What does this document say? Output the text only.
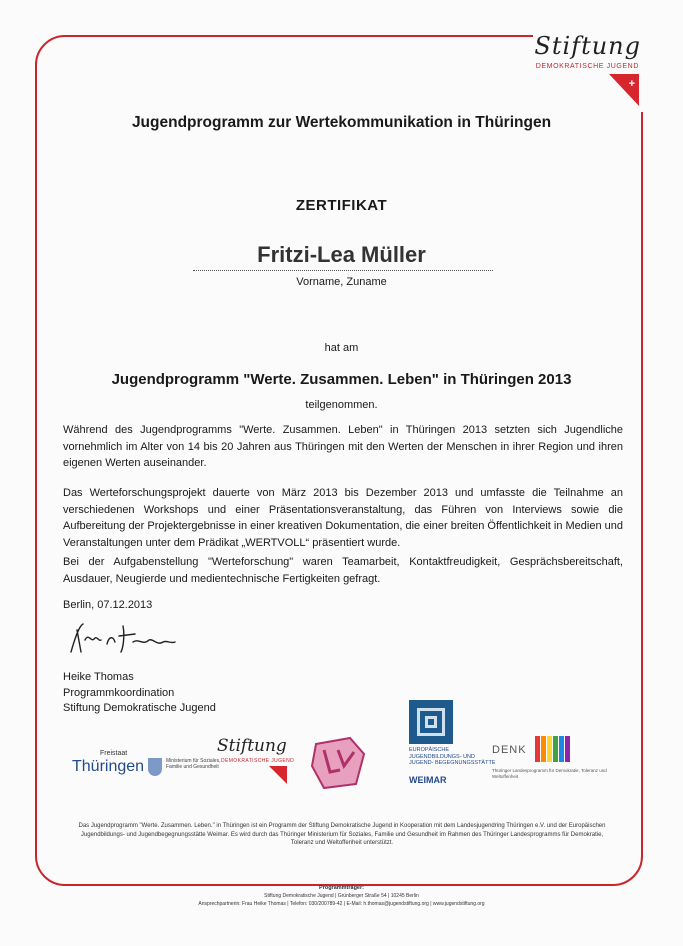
Stiftung
DEMOKRATISCHE JUGEND
+
Jugendprogramm zur Wertekommunikation in Thüringen
ZERTIFIKAT
Fritzi-Lea Müller
Vorname, Zuname
hat am
Jugendprogramm "Werte. Zusammen. Leben" in Thüringen 2013
teilgenommen.
Während des Jugendprogramms "Werte. Zusammen. Leben" in Thüringen 2013 setzten sich Jugendliche vornehmlich im Alter von 14 bis 20 Jahren aus Thüringen mit den Werten der Menschen in ihrer Region und ihren eigenen Werten auseinander.
Das Werteforschungsprojekt dauerte von März 2013 bis Dezember 2013 und umfasste die Teilnahme an verschiedenen Workshops und einer Präsentationsveranstaltung, das Führen von Interviews sowie die Aufbereitung der Projektergebnisse in einer kreativen Dokumentation, die einer breiten Öffentlichkeit in Medien und Veranstaltungen unter dem Prädikat „WERTVOLL“ präsentiert wurde.
Bei der Aufgabenstellung "Werteforschung" waren Teamarbeit, Kontaktfreudigkeit, Gesprächsbereitschaft, Ausdauer, Neugierde und medientechnische Fertigkeiten gefragt.
Berlin, 07.12.2013
Heike Thomas
Programmkoordination
Stiftung Demokratische Jugend
Freistaat
Thüringen	Ministerium für Soziales, Familie und Gesundheit
Stiftung
DEMOKRATISCHE JUGEND
EUROPÄISCHE JUGENDBILDUNGS- UND JUGEND- BEGEGNUNGSSTÄTTE
WEIMAR
DENK
Thüringer Landesprogramm für Demokratie, Toleranz und Weltoffenheit
Das Jugendprogramm "Werte. Zusammen. Leben." in Thüringen ist ein Programm der Stiftung Demokratische Jugend in Kooperation mit dem Landesjugendring Thüringen e.V. und der Europäischen Jugendbildungs- und Jugendbegegnungsstätte Weimar. Es wird durch das Thüringer Ministerium für Soziales, Familie und Gesundheit im Rahmen des Thüringer Landesprogramms für Demokratie, Toleranz und Weltoffenheit unterstützt.
Programmträger:
Stiftung Demokratische Jugend | Grünberger Straße 54 | 10245 Berlin
Ansprechpartnerin: Frau Heike Thomas | Telefon: 030/200789-42 | E-Mail: h.thomas@jugendstiftung.org | www.jugendstiftung.org
